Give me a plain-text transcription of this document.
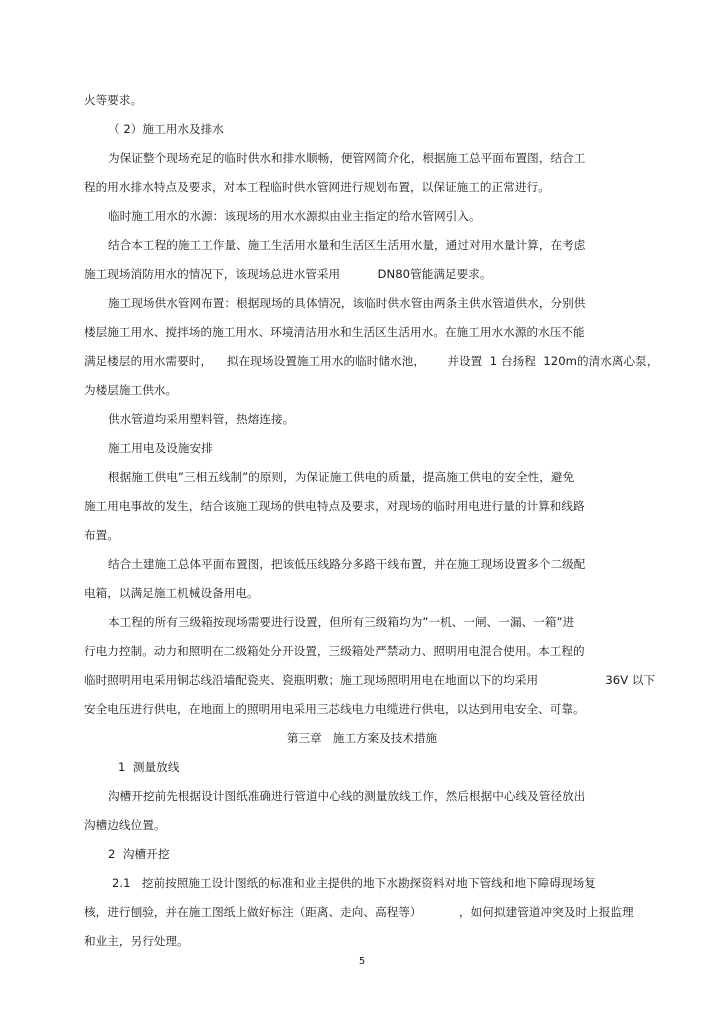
火等要求。
（ 2）施工用水及排水
为保证整个现场充足的临时供水和排水顺畅，便管网简介化，根据施工总平面布置图，结合工
程的用水排水特点及要求，对本工程临时供水管网进行规划布置，以保证施工的正常进行。
临时施工用水的水源：该现场的用水水源拟由业主指定的给水管网引入。
结合本工程的施工工作量、施工生活用水量和生活区生活用水量，通过对用水量计算，在考虑
施工现场消防用水的情况下，该现场总进水管采用          DN80管能满足要求。
施工现场供水管网布置：根据现场的具体情况，该临时供水管由两条主供水管道供水，分别供
楼层施工用水、搅拌场的施工用水、环境清洁用水和生活区生活用水。在施工用水水源的水压不能
满足楼层的用水需要时，    拟在现场设置施工用水的临时储水池，      并设置  1 台扬程  120m的清水离心泵，
为楼层施工供水。
供水管道均采用塑料管，热熔连接。
施工用电及设施安排
根据施工供电”三相五线制”的原则，为保证施工供电的质量，提高施工供电的安全性，避免
施工用电事故的发生，结合该施工现场的供电特点及要求，对现场的临时用电进行量的计算和线路
布置。
结合土建施工总体平面布置图，把该低压线路分多路干线布置，并在施工现场设置多个二级配
电箱，以满足施工机械设备用电。
本工程的所有三级箱按现场需要进行设置，但所有三级箱均为”一机、一闸、一漏、一箱”进
行电力控制。动力和照明在二级箱处分开设置，三级箱处严禁动力、照明用电混合使用。本工程的
临时照明用电采用铜芯线沿墙配瓷夹、瓷瓶明敷；施工现场照明用电在地面以下的均采用                  36V 以下
安全电压进行供电，在地面上的照明用电采用三芯线电力电缆进行供电，以达到用电安全、可靠。
第三章   施工方案及技术措施
1  测量放线
沟槽开挖前先根据设计图纸准确进行管道中心线的测量放线工作，然后根据中心线及管径放出
沟槽边线位置。
2  沟槽开挖
2.1   挖前按照施工设计图纸的标准和业主提供的地下水勘探资料对地下管线和地下障碍现场复
核，进行刨验，并在施工图纸上做好标注（距离、走向、高程等）          ，如何拟建管道冲突及时上报监理
和业主，另行处理。
5
